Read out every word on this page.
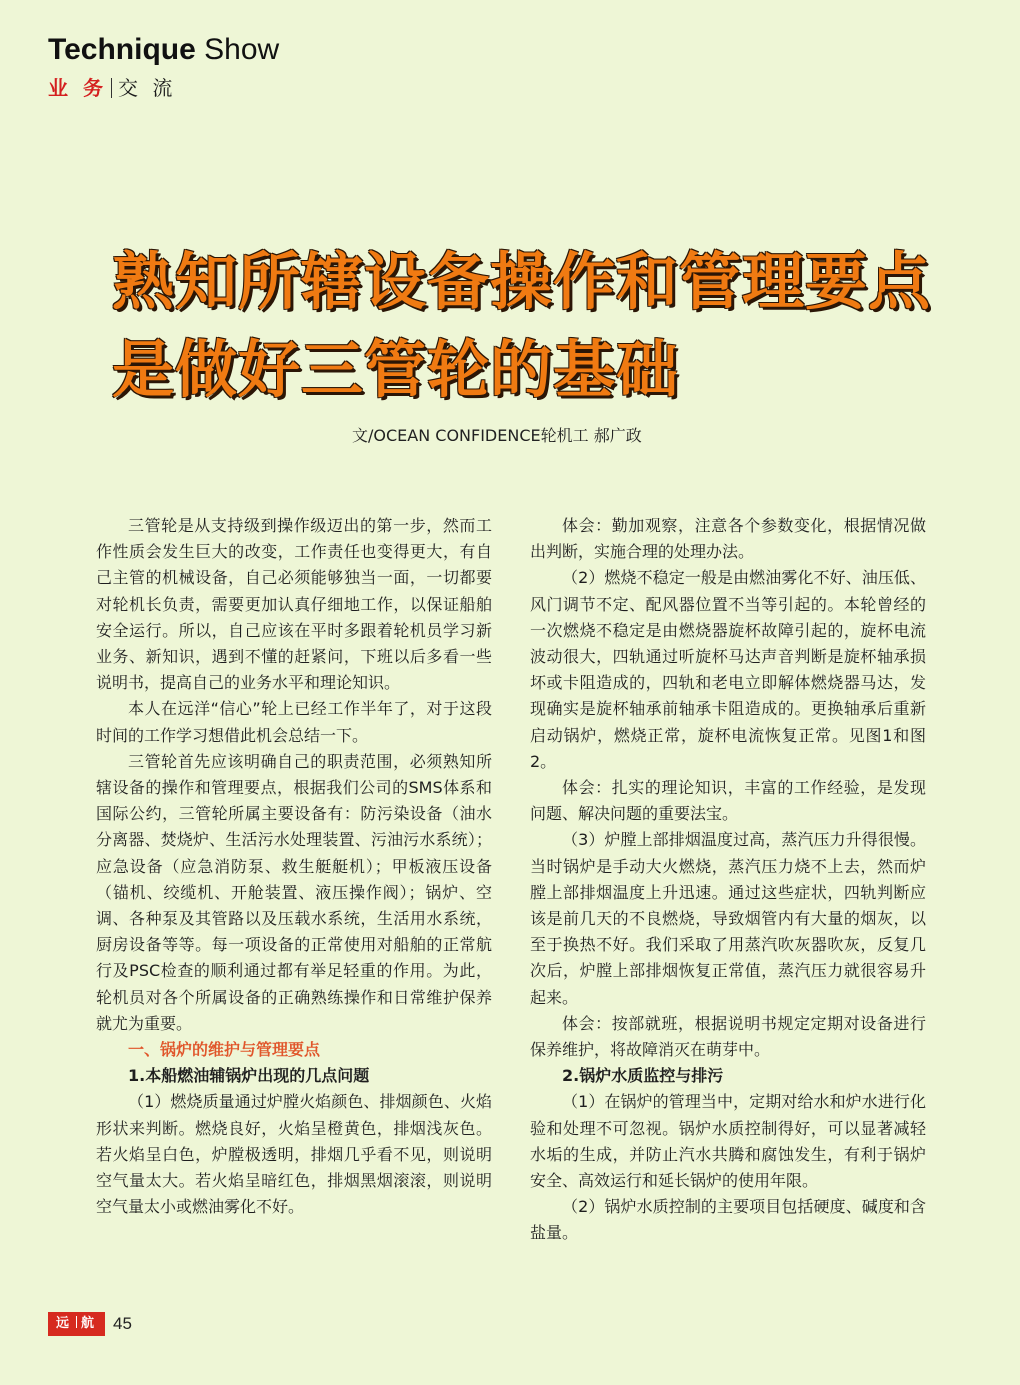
Technique Show
业 务 交 流
熟知所辖设备操作和管理要点
是做好三管轮的基础
文/OCEAN CONFIDENCE轮机工 郝广政

三管轮是从支持级到操作级迈出的第一步，然而工作性质会发生巨大的改变，工作责任也变得更大，有自己主管的机械设备，自己必须能够独当一面，一切都要对轮机长负责，需要更加认真仔细地工作，以保证船舶安全运行。所以，自己应该在平时多跟着轮机员学习新业务、新知识，遇到不懂的赶紧问，下班以后多看一些说明书，提高自己的业务水平和理论知识。

本人在远洋“信心”轮上已经工作半年了，对于这段时间的工作学习想借此机会总结一下。

三管轮首先应该明确自己的职责范围，必须熟知所辖设备的操作和管理要点，根据我们公司的SMS体系和国际公约，三管轮所属主要设备有：防污染设备（油水分离器、焚烧炉、生活污水处理装置、污油污水系统）；应急设备（应急消防泵、救生艇艇机）；甲板液压设备（锚机、绞缆机、开舱装置、液压操作阀）；锅炉、空调、各种泵及其管路以及压载水系统，生活用水系统，厨房设备等等。每一项设备的正常使用对船舶的正常航行及PSC检查的顺利通过都有举足轻重的作用。为此，轮机员对各个所属设备的正确熟练操作和日常维护保养就尤为重要。

一、锅炉的维护与管理要点

1.本船燃油辅锅炉出现的几点问题

（1）燃烧质量通过炉膛火焰颜色、排烟颜色、火焰形状来判断。燃烧良好，火焰呈橙黄色，排烟浅灰色。若火焰呈白色，炉膛极透明，排烟几乎看不见，则说明空气量太大。若火焰呈暗红色，排烟黑烟滚滚，则说明空气量太小或燃油雾化不好。

体会：勤加观察，注意各个参数变化，根据情况做出判断，实施合理的处理办法。

（2）燃烧不稳定一般是由燃油雾化不好、油压低、风门调节不定、配风器位置不当等引起的。本轮曾经的一次燃烧不稳定是由燃烧器旋杯故障引起的，旋杯电流波动很大，四轨通过听旋杯马达声音判断是旋杯轴承损坏或卡阻造成的，四轨和老电立即解体燃烧器马达，发现确实是旋杯轴承前轴承卡阻造成的。更换轴承后重新启动锅炉，燃烧正常，旋杯电流恢复正常。见图1和图2。

体会：扎实的理论知识，丰富的工作经验，是发现问题、解决问题的重要法宝。

（3）炉膛上部排烟温度过高，蒸汽压力升得很慢。当时锅炉是手动大火燃烧，蒸汽压力烧不上去，然而炉膛上部排烟温度上升迅速。通过这些症状，四轨判断应该是前几天的不良燃烧，导致烟管内有大量的烟灰，以至于换热不好。我们采取了用蒸汽吹灰器吹灰，反复几次后，炉膛上部排烟恢复正常值，蒸汽压力就很容易升起来。

体会：按部就班，根据说明书规定定期对设备进行保养维护，将故障消灭在萌芽中。

2.锅炉水质监控与排污

（1）在锅炉的管理当中，定期对给水和炉水进行化验和处理不可忽视。锅炉水质控制得好，可以显著减轻水垢的生成，并防止汽水共腾和腐蚀发生，有利于锅炉安全、高效运行和延长锅炉的使用年限。

（2）锅炉水质控制的主要项目包括硬度、碱度和含盐量。

远 航 45
